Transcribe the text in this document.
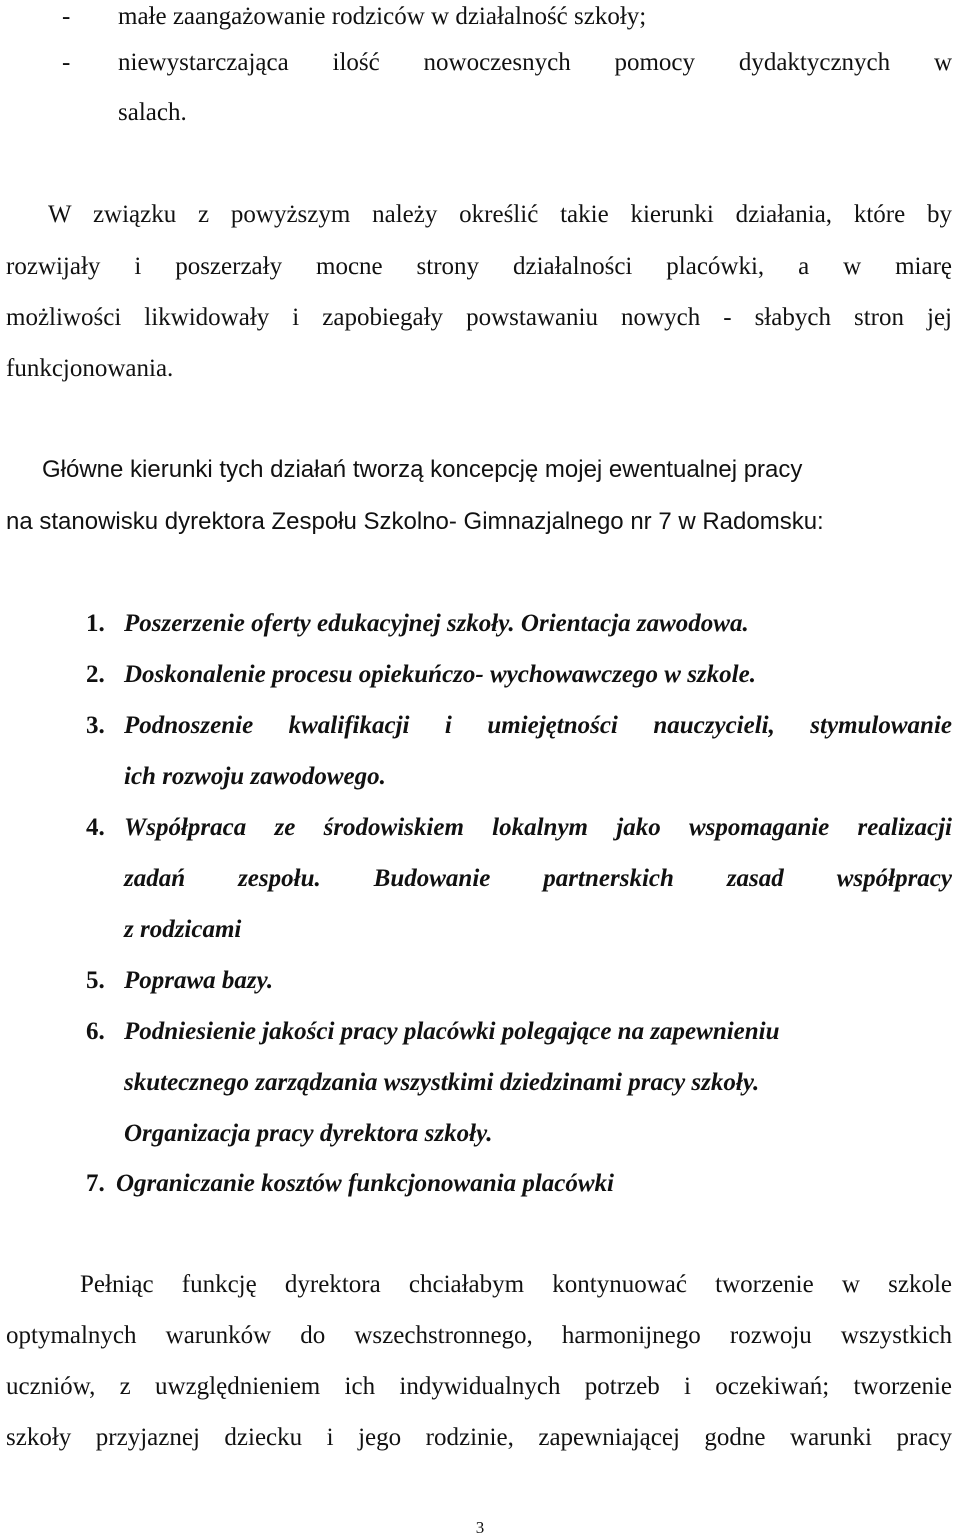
- małe zaangażowanie rodziców w działalność szkoły;
- niewystarczająca ilość nowoczesnych pomocy dydaktycznych w
salach.
W związku z powyższym należy określić takie kierunki działania, które by
rozwijały i poszerzały mocne strony działalności placówki, a w miarę
możliwości likwidowały i zapobiegały powstawaniu nowych - słabych stron jej
funkcjonowania.
Główne kierunki tych działań tworzą koncepcję mojej ewentualnej pracy
na stanowisku dyrektora Zespołu Szkolno- Gimnazjalnego nr 7 w Radomsku:
1. Poszerzenie oferty edukacyjnej szkoły. Orientacja zawodowa.
2. Doskonalenie procesu opiekuńczo- wychowawczego w szkole.
3. Podnoszenie kwalifikacji i umiejętności nauczycieli, stymulowanie
ich rozwoju zawodowego.
4. Współpraca ze środowiskiem lokalnym jako wspomaganie realizacji
zadań zespołu. Budowanie partnerskich zasad współpracy
z rodzicami
5. Poprawa bazy.
6. Podniesienie jakości pracy placówki polegające na zapewnieniu
skutecznego zarządzania wszystkimi dziedzinami pracy szkoły.
Organizacja pracy dyrektora szkoły.
7. Ograniczanie kosztów funkcjonowania placówki
Pełniąc funkcję dyrektora chciałabym kontynuować tworzenie w szkole
optymalnych warunków do wszechstronnego, harmonijnego rozwoju wszystkich
uczniów, z uwzględnieniem ich indywidualnych potrzeb i oczekiwań; tworzenie
szkoły przyjaznej dziecku i jego rodzinie, zapewniającej godne warunki pracy
3
